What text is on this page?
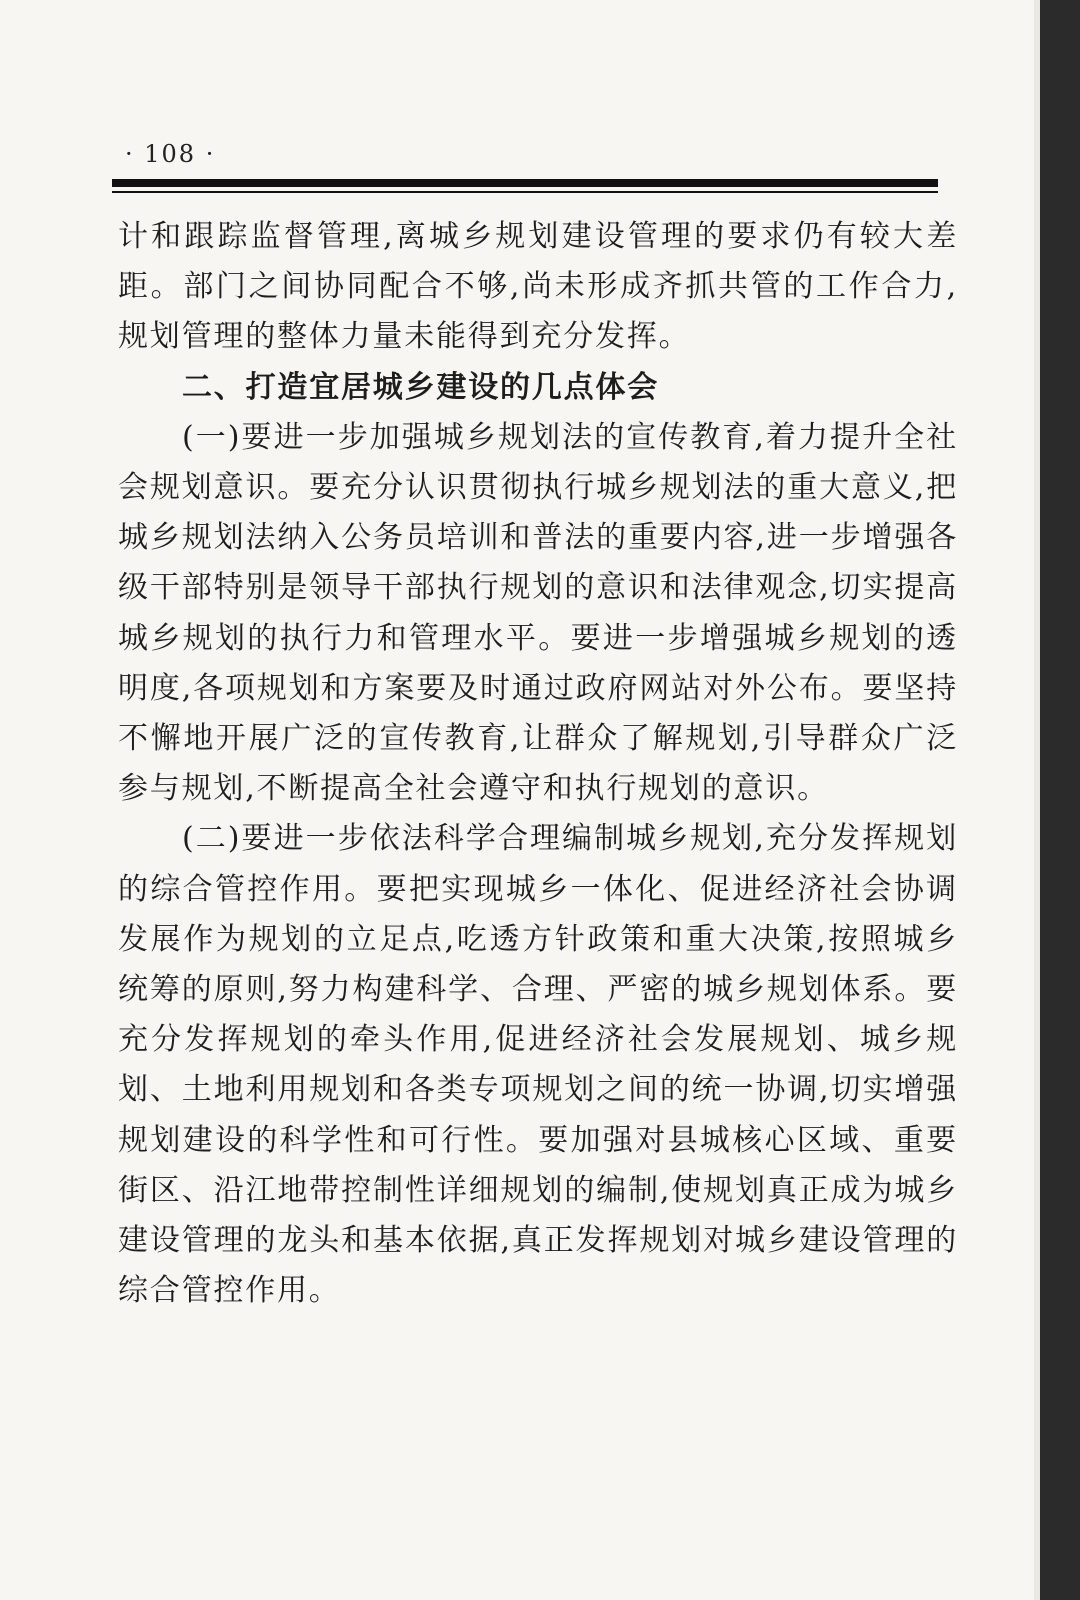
· 108 ·

计和跟踪监督管理,离城乡规划建设管理的要求仍有较大差距。部门之间协同配合不够,尚未形成齐抓共管的工作合力,规划管理的整体力量未能得到充分发挥。

二、打造宜居城乡建设的几点体会

(一)要进一步加强城乡规划法的宣传教育,着力提升全社会规划意识。要充分认识贯彻执行城乡规划法的重大意义,把城乡规划法纳入公务员培训和普法的重要内容,进一步增强各级干部特别是领导干部执行规划的意识和法律观念,切实提高城乡规划的执行力和管理水平。要进一步增强城乡规划的透明度,各项规划和方案要及时通过政府网站对外公布。要坚持不懈地开展广泛的宣传教育,让群众了解规划,引导群众广泛参与规划,不断提高全社会遵守和执行规划的意识。

(二)要进一步依法科学合理编制城乡规划,充分发挥规划的综合管控作用。要把实现城乡一体化、促进经济社会协调发展作为规划的立足点,吃透方针政策和重大决策,按照城乡统筹的原则,努力构建科学、合理、严密的城乡规划体系。要充分发挥规划的牵头作用,促进经济社会发展规划、城乡规划、土地利用规划和各类专项规划之间的统一协调,切实增强规划建设的科学性和可行性。要加强对县城核心区域、重要街区、沿江地带控制性详细规划的编制,使规划真正成为城乡建设管理的龙头和基本依据,真正发挥规划对城乡建设管理的综合管控作用。
